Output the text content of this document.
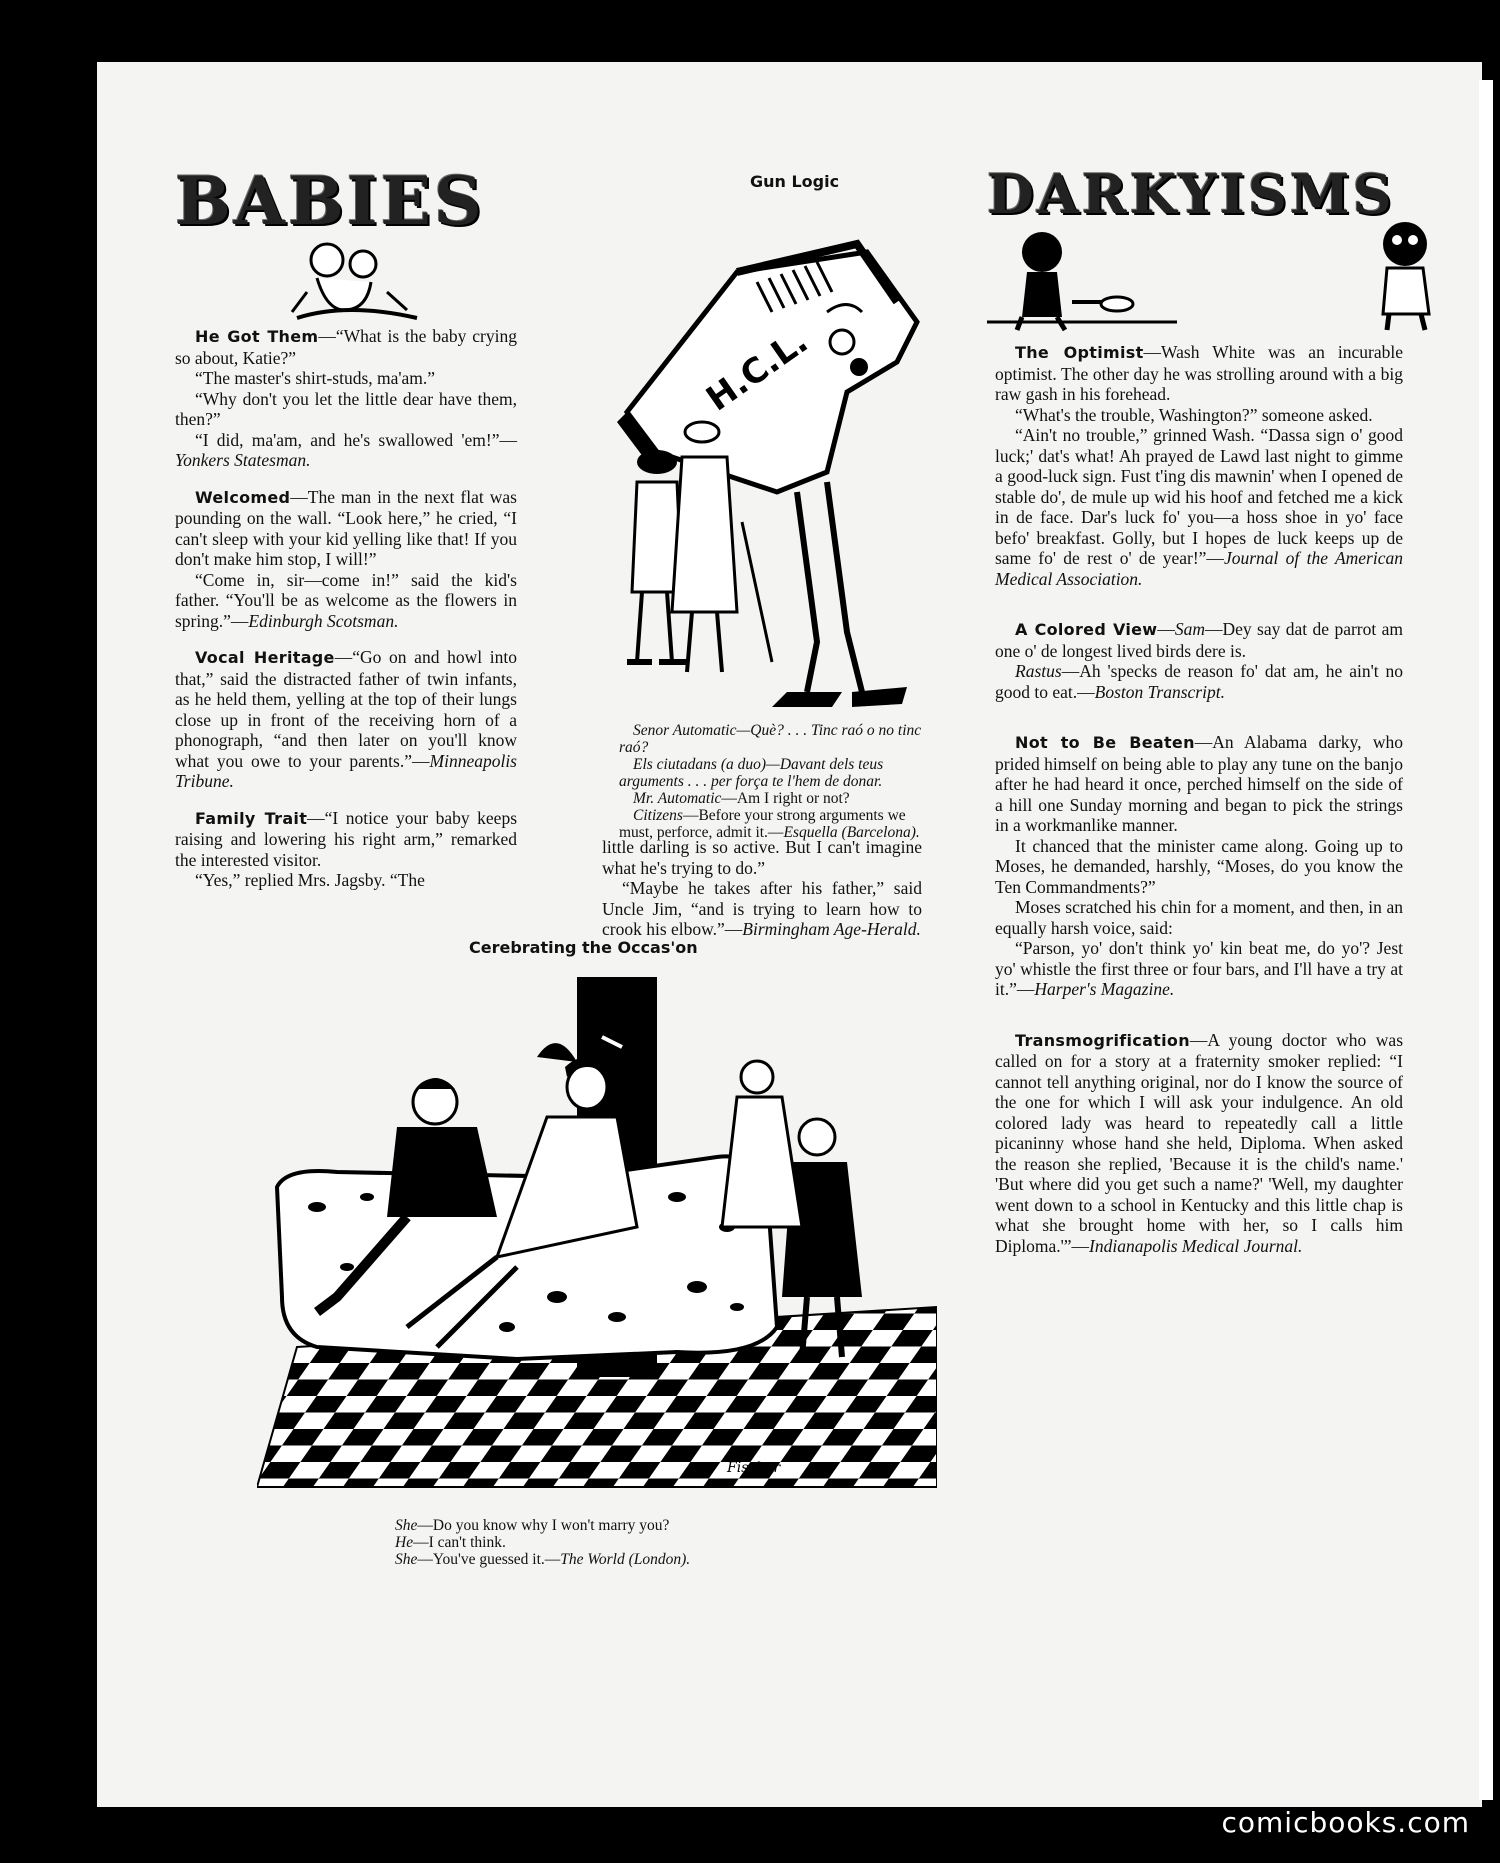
BABIES

He Got Them—“What is the baby crying so about, Katie?”

“The master's shirt-studs, ma'am.”

“Why don't you let the little dear have them, then?”

“I did, ma'am, and he's swallowed 'em!”—Yonkers Statesman.

Welcomed—The man in the next flat was pounding on the wall. “Look here,” he cried, “I can't sleep with your kid yelling like that! If you don't make him stop, I will!”

“Come in, sir—come in!” said the kid's father. “You'll be as welcome as the flowers in spring.”—Edinburgh Scotsman.

Vocal Heritage—“Go on and howl into that,” said the distracted father of twin infants, as he held them, yelling at the top of their lungs close up in front of the receiving horn of a phonograph, “and then later on you'll know what you owe to your parents.”—Minneapolis Tribune.

Family Trait—“I notice your baby keeps raising and lowering his right arm,” remarked the interested visitor.

“Yes,” replied Mrs. Jagsby. “The

Gun Logic
H.C.L.

Senor Automatic—Què? . . . Tinc raó o no tinc raó?

Els ciutadans (a duo)—Davant dels teus arguments . . . per força te l'hem de donar.

Mr. Automatic—Am I right or not?

Citizens—Before your strong arguments we must, perforce, admit it.—Esquella (Barcelona).

little darling is so active. But I can't imagine what he's trying to do.”

“Maybe he takes after his father,” said Uncle Jim, “and is trying to learn how to crook his elbow.”—Birmingham Age-Herald.

Cerebrating the Occas'on
Fischer

She—Do you know why I won't marry you?

He—I can't think.

She—You've guessed it.—The World (London).

DARKYISMS

The Optimist—Wash White was an incurable optimist. The other day he was strolling around with a big raw gash in his forehead.

“What's the trouble, Washington?” someone asked.

“Ain't no trouble,” grinned Wash. “Dassa sign o' good luck;' dat's what! Ah prayed de Lawd last night to gimme a good-luck sign. Fust t'ing dis mawnin' when I opened de stable do', de mule up wid his hoof and fetched me a kick in de face. Dar's luck fo' you—a hoss shoe in yo' face befo' breakfast. Golly, but I hopes de luck keeps up de same fo' de rest o' de year!”—Journal of the American Medical Association.

A Colored View—Sam—Dey say dat de parrot am one o' de longest lived birds dere is.

Rastus—Ah 'specks de reason fo' dat am, he ain't no good to eat.—Boston Transcript.

Not to Be Beaten—An Alabama darky, who prided himself on being able to play any tune on the banjo after he had heard it once, perched himself on the side of a hill one Sunday morning and began to pick the strings in a workmanlike manner.

It chanced that the minister came along. Going up to Moses, he demanded, harshly, “Moses, do you know the Ten Commandments?”

Moses scratched his chin for a moment, and then, in an equally harsh voice, said:

“Parson, yo' don't think yo' kin beat me, do yo'? Jest yo' whistle the first three or four bars, and I'll have a try at it.”—Harper's Magazine.

Transmogrification—A young doctor who was called on for a story at a fraternity smoker replied: “I cannot tell anything original, nor do I know the source of the one for which I will ask your indulgence. An old colored lady was heard to repeatedly call a little picaninny whose hand she held, Diploma. When asked the reason she replied, 'Because it is the child's name.' 'But where did you get such a name?' 'Well, my daughter went down to a school in Kentucky and this little chap is what she brought home with her, so I calls him Diploma.'”—Indianapolis Medical Journal.

comicbooks.com
